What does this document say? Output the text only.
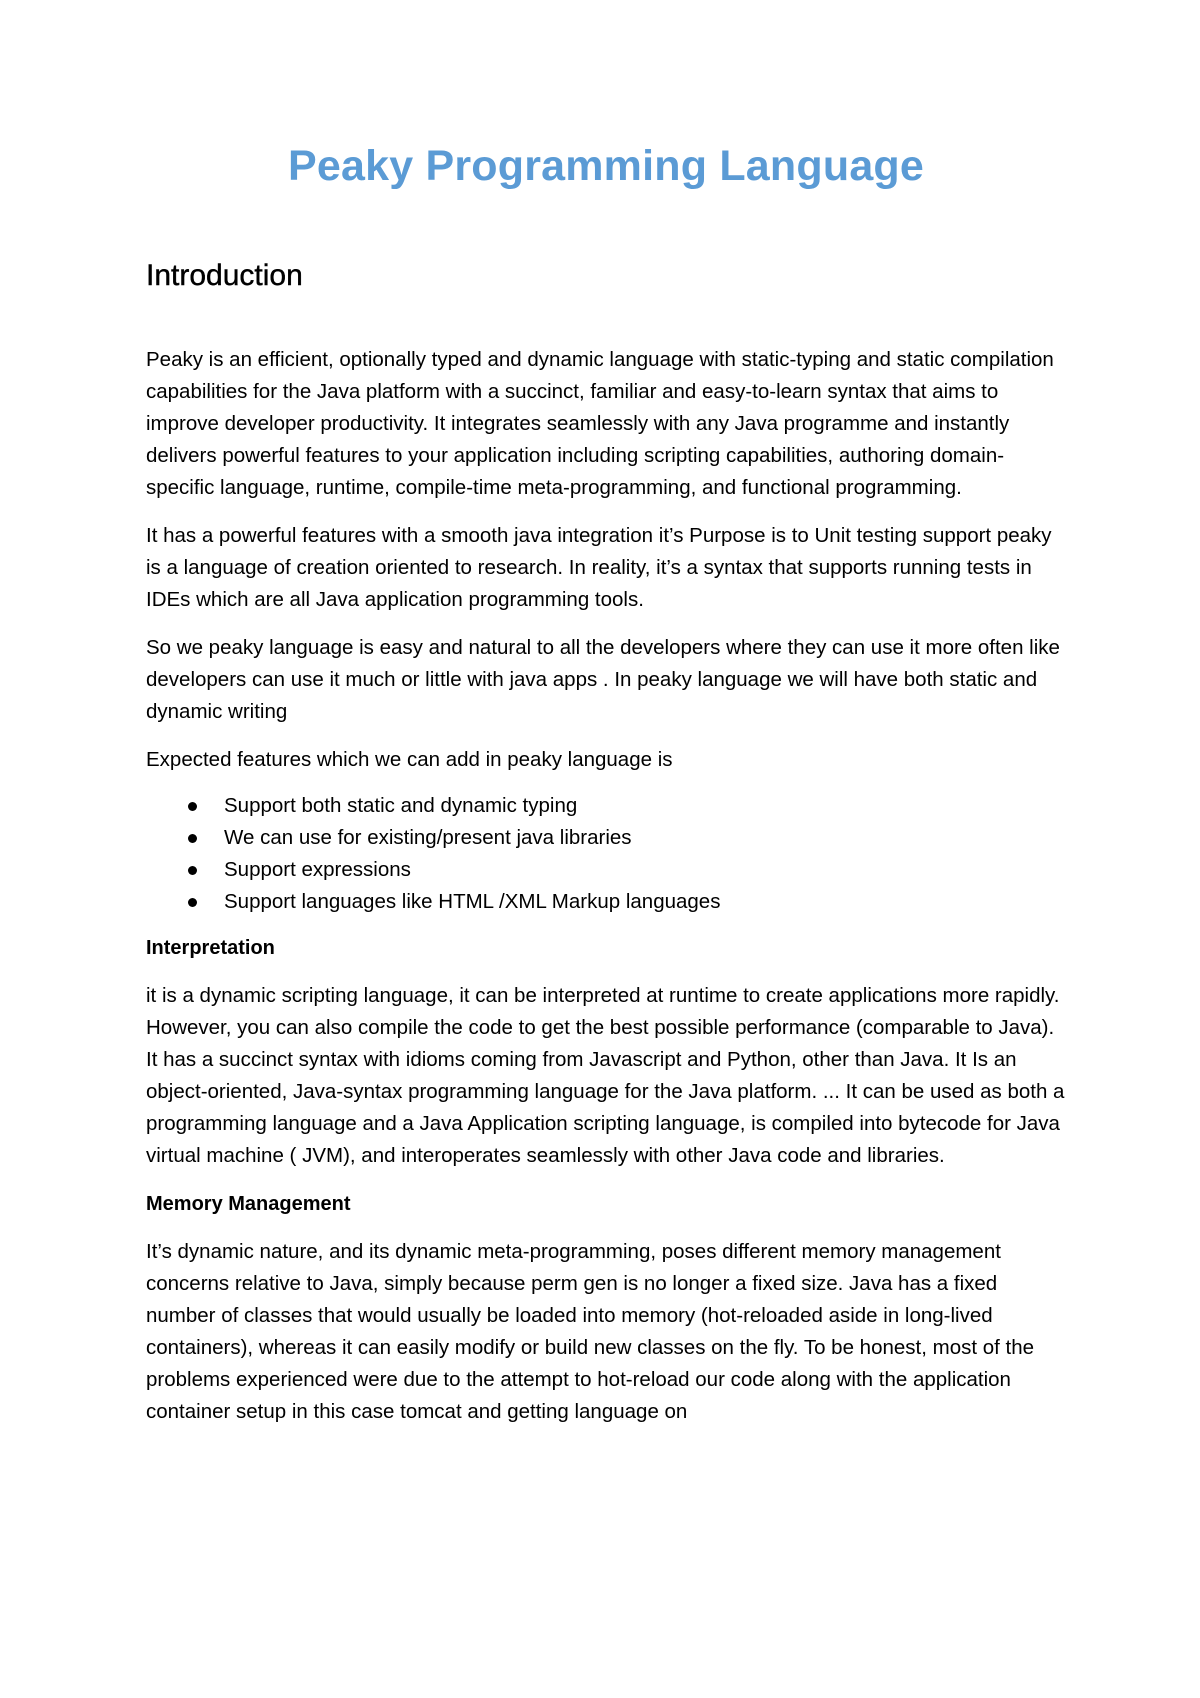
Peaky Programming Language
Introduction

Peaky is an efficient, optionally typed and dynamic language with static-typing and static compilation capabilities for the Java platform with a succinct, familiar and easy-to-learn syntax that aims to improve developer productivity. It integrates seamlessly with any Java programme and instantly delivers powerful features to your application including scripting capabilities, authoring domain-specific language, runtime, compile-time meta-programming, and functional programming.

It has a powerful features with a smooth java integration it’s Purpose is to Unit testing support peaky is a language of creation oriented to research. In reality, it’s a syntax that supports running tests in IDEs which are all Java application programming tools.

So we peaky language is easy and natural to all the developers where they can use it more often like developers can use it much or little with java apps . In peaky language we will have both static and dynamic writing

Expected features which we can add in peaky language is

Support both static and dynamic typing
We can use for existing/present java libraries
Support expressions
Support languages like HTML /XML Markup languages
Interpretation

it is a dynamic scripting language, it can be interpreted at runtime to create applications more rapidly. However, you can also compile the code to get the best possible performance (comparable to Java). It has a succinct syntax with idioms coming from Javascript and Python, other than Java. It Is an object-oriented, Java-syntax programming language for the Java platform. ... It can be used as both a programming language and a Java Application scripting language, is compiled into bytecode for Java virtual machine ( JVM), and interoperates seamlessly with other Java code and libraries.

Memory Management

It’s dynamic nature, and its dynamic meta-programming, poses different memory management concerns relative to Java, simply because perm gen is no longer a fixed size. Java has a fixed number of classes that would usually be loaded into memory (hot-reloaded aside in long-lived containers), whereas it can easily modify or build new classes on the fly. To be honest, most of the problems experienced were due to the attempt to hot-reload our code along with the application container setup in this case tomcat and getting language on
